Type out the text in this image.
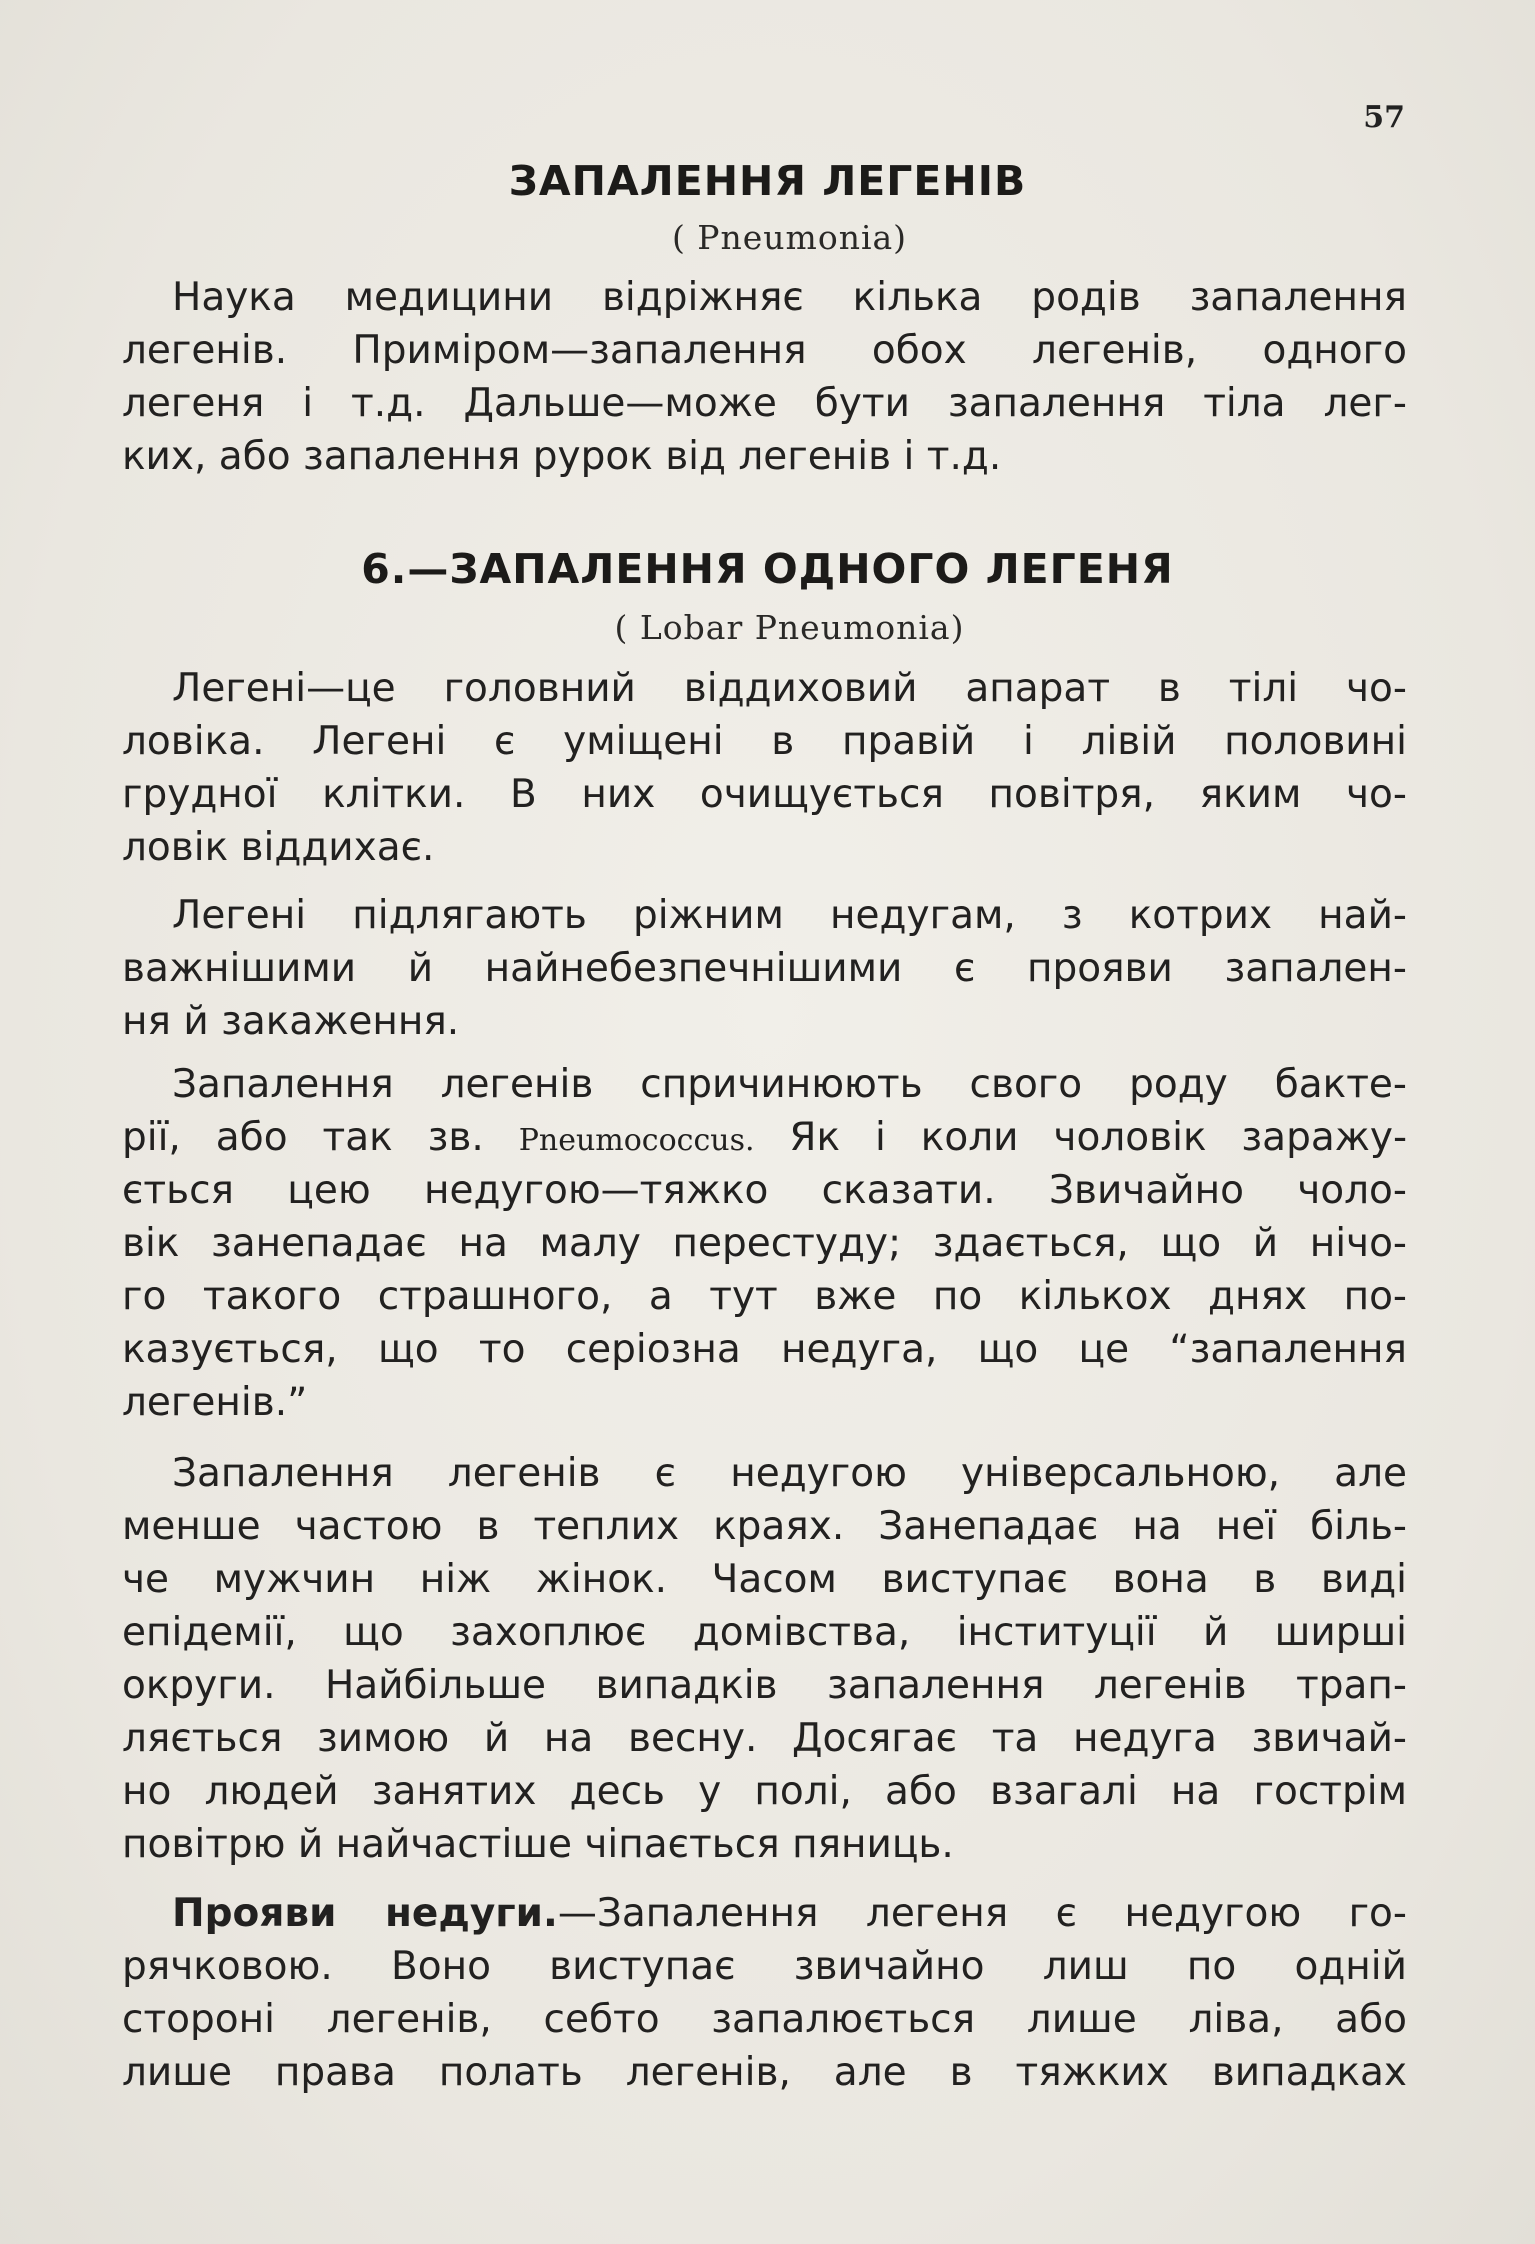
57
ЗАПАЛЕННЯ ЛЕГЕНІВ
( Pneumonia)

Наука медицини відріжняє кілька родів запалення
легенів. Приміром—запалення обох легенів, одного
легеня і т.д. Дальше—може бути запалення тіла лег-
ких, або запалення рурок від легенів і т.д.

6.—ЗАПАЛЕННЯ ОДНОГО ЛЕГЕНЯ
( Lobar Pneumonia)

Легені—це головний віддиховий апарат в тілі чо-
ловіка. Легені є уміщені в правій і лівій половині
грудної клітки. В них очищується повітря, яким чо-
ловік віддихає.

Легені підлягають ріжним недугам, з котрих най-
важнішими й найнебезпечнішими є прояви запален-
ня й закаження.

Запалення легенів спричинюють свого роду бакте-
рії, або так зв. Pneumococcus. Як і коли чоловік заражу-
ється цею недугою—тяжко сказати. Звичайно чоло-
вік занепадає на малу перестуду; здається, що й нічо-
го такого страшного, а тут вже по кількох днях по-
казується, що то серіозна недуга, що це “запалення
легенів.”

Запалення легенів є недугою універсальною, але
менше частою в теплих краях. Занепадає на неї біль-
че мужчин ніж жінок. Часом виступає вона в виді
епідемії, що захоплює домівства, інституції й ширші
округи. Найбільше випадків запалення легенів трап-
ляється зимою й на весну. Досягає та недуга звичай-
но людей занятих десь у полі, або взагалі на гострім
повітрю й найчастіше чіпається пяниць.

Прояви недуги.—Запалення легеня є недугою го-
рячковою. Воно виступає звичайно лиш по одній
стороні легенів, себто запалюється лише ліва, або
лише права полать легенів, але в тяжких випадках
